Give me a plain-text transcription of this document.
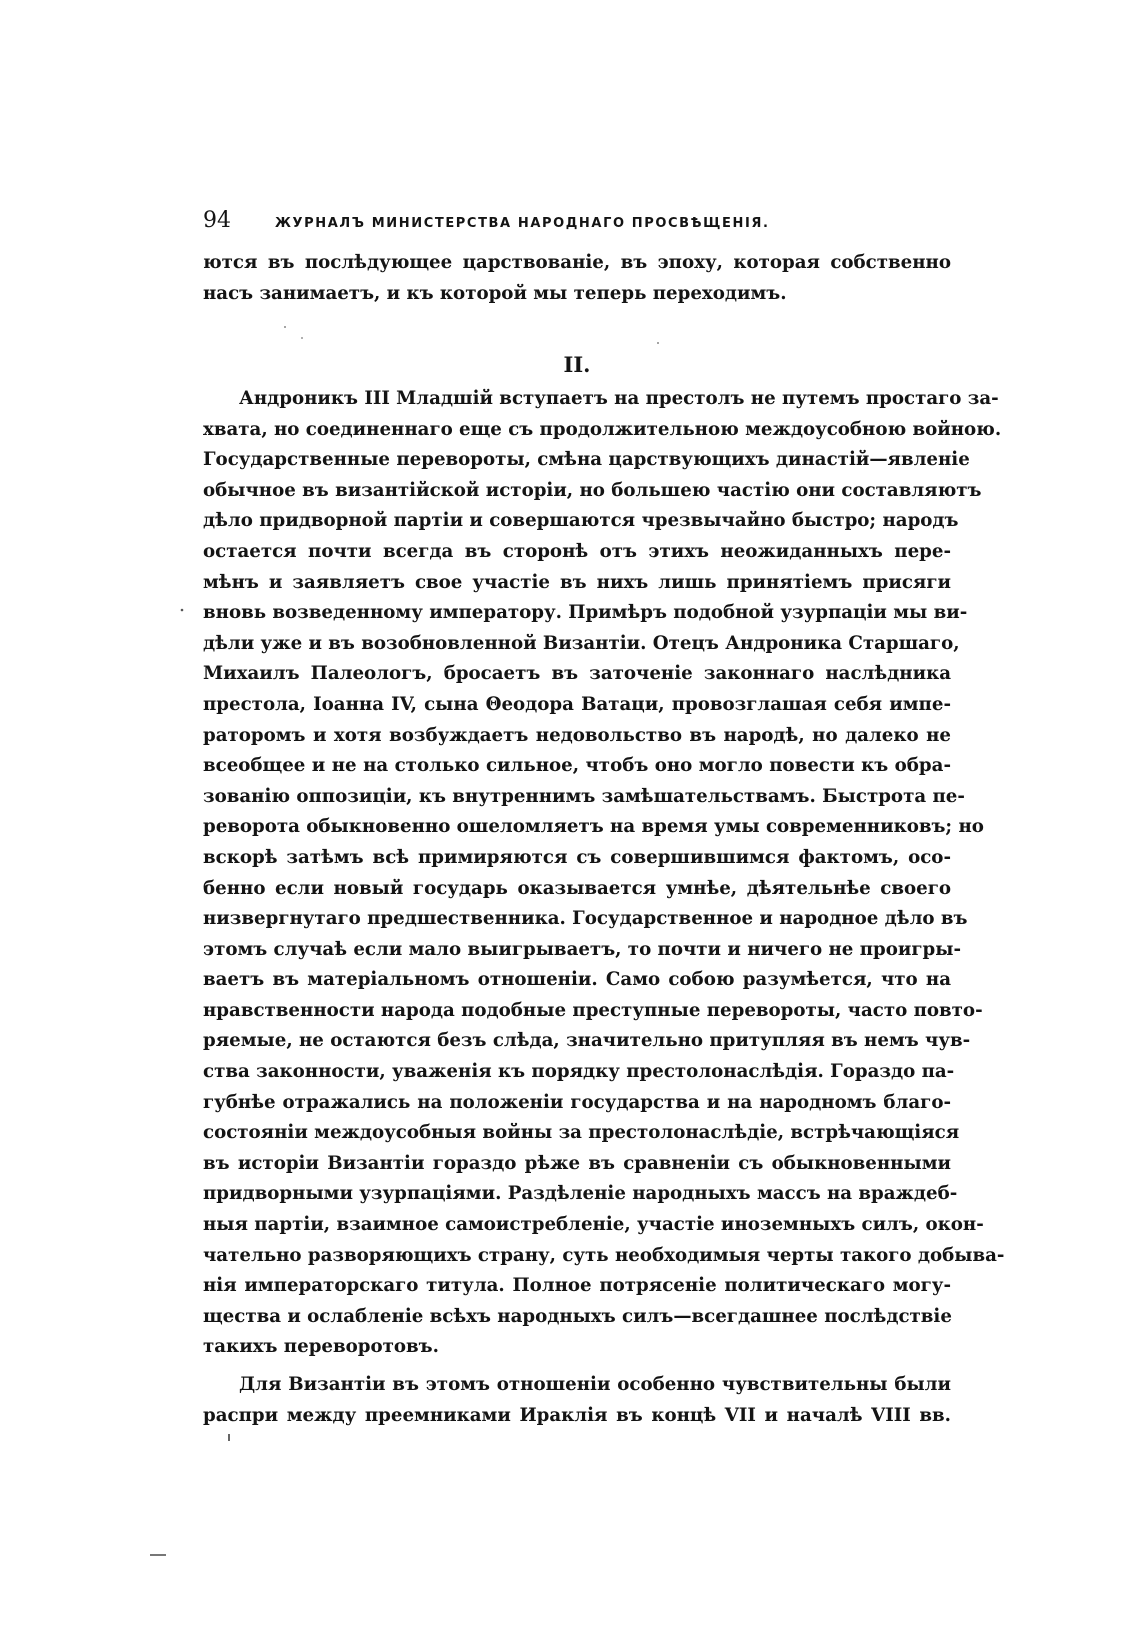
94	ЖУРНАЛЪ МИНИСТЕРСТВА НАРОДНАГО ПРОСВѢЩЕНІЯ.
ются въ послѣдующее царствованіе, въ эпоху, которая собственно
насъ занимаетъ, и къ которой мы теперь переходимъ.
II.
Андроникъ III Младшій вступаетъ на престолъ не путемъ простаго за-
хвата, но соединеннаго еще съ продолжительною междоусобною войною.
Государственные перевороты, смѣна царствующихъ династій—явленіе
обычное въ византійской исторіи, но большею частію они составляютъ
дѣло придворной партіи и совершаются чрезвычайно быстро; народъ
остается почти всегда въ сторонѣ отъ этихъ неожиданныхъ пере-
мѣнъ и заявляетъ свое участіе въ нихъ лишь принятіемъ присяги
вновь возведенному императору. Примѣръ подобной узурпаціи мы ви-
дѣли уже и въ возобновленной Византіи. Отецъ Андроника Старшаго,
Михаилъ Палеологъ, бросаетъ въ заточеніе законнаго наслѣдника
престола, Іоанна IV, сына Θеодора Ватаци, провозглашая себя импе-
раторомъ и хотя возбуждаетъ недовольство въ народѣ, но далеко не
всеобщее и не на столько сильное, чтобъ оно могло повести къ обра-
зованію оппозиціи, къ внутреннимъ замѣшательствамъ. Быстрота пе-
реворота обыкновенно ошеломляетъ на время умы современниковъ; но
вскорѣ затѣмъ всѣ примиряются съ совершившимся фактомъ, осо-
бенно если новый государь оказывается умнѣе, дѣятельнѣе своего
низвергнутаго предшественника. Государственное и народное дѣло въ
этомъ случаѣ если мало выигрываетъ, то почти и ничего не проигры-
ваетъ въ матеріальномъ отношеніи. Само собою разумѣется, что на
нравственности народа подобные преступные перевороты, часто повто-
ряемые, не остаются безъ слѣда, значительно притупляя въ немъ чув-
ства законности, уваженія къ порядку престолонаслѣдія. Гораздо па-
губнѣе отражались на положеніи государства и на народномъ благо-
состояніи междоусобныя войны за престолонаслѣдіе, встрѣчающіяся
въ исторіи Византіи гораздо рѣже въ сравненіи съ обыкновенными
придворными узурпаціями. Раздѣленіе народныхъ массъ на враждеб-
ныя партіи, взаимное самоистребленіе, участіе иноземныхъ силъ, окон-
чательно разворяющихъ страну, суть необходимыя черты такого добыва-
нія императорскаго титула. Полное потрясеніе политическаго могу-
щества и ослабленіе всѣхъ народныхъ силъ—всегдашнее послѣдствіе
такихъ переворотовъ.
Для Византіи въ этомъ отношеніи особенно чувствительны были
распри между преемниками Ираклія въ концѣ VII и началѣ VIII вв.
